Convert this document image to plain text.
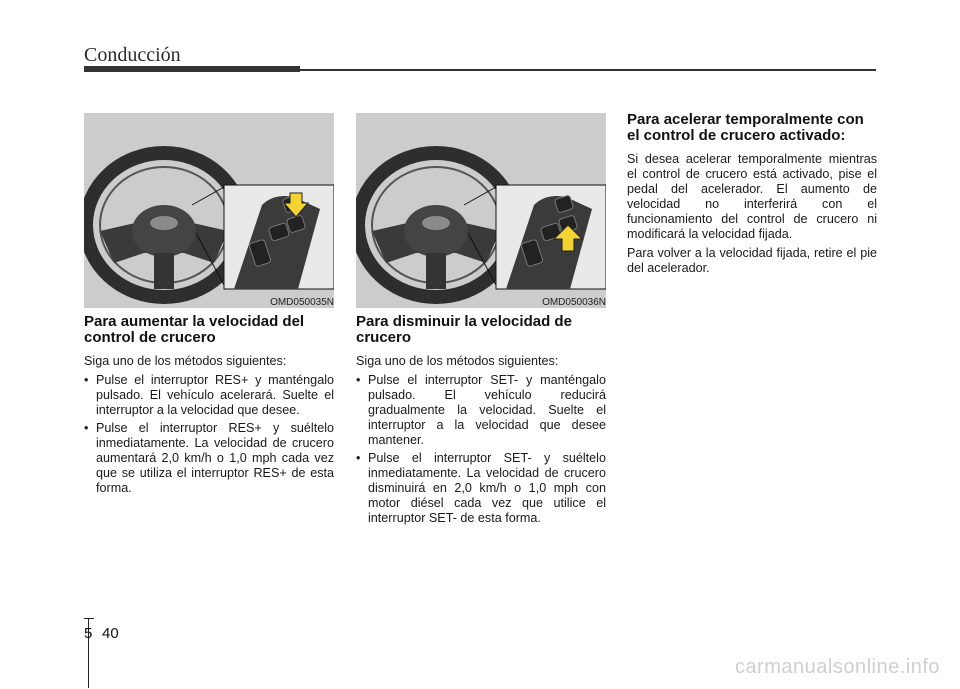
Conducción
OMD050035N	OMD050036N
Para aumentar la velocidad del control de crucero

Siga uno de los métodos siguientes:

• Pulse el interruptor RES+ y manténgalo pulsado. El vehículo acelerará. Suelte el interruptor a la velocidad que desee.
• Pulse el interruptor RES+ y suéltelo inmediatamente. La velocidad de crucero aumentará 2,0 km/h o 1,0 mph cada vez que se utiliza el interruptor RES+ de esta forma.
Para disminuir la velocidad de crucero

Siga uno de los métodos siguientes:

• Pulse el interruptor SET- y manténgalo pulsado. El vehículo reducirá gradualmente la velocidad. Suelte el interruptor a la velocidad que desee mantener.
• Pulse el interruptor SET- y suéltelo inmediatamente. La velocidad de crucero disminuirá en 2,0 km/h o 1,0 mph con motor diésel cada vez que utilice el interruptor SET- de esta forma.
Para acelerar temporalmente con el control de crucero activado:

Si desea acelerar temporalmente mientras el control de crucero está activado, pise el pedal del acelerador. El aumento de velocidad no interferirá con el funcionamiento del control de crucero ni modificará la velocidad fijada.

Para volver a la velocidad fijada, retire el pie del acelerador.

5 40
carmanualsonline.info
